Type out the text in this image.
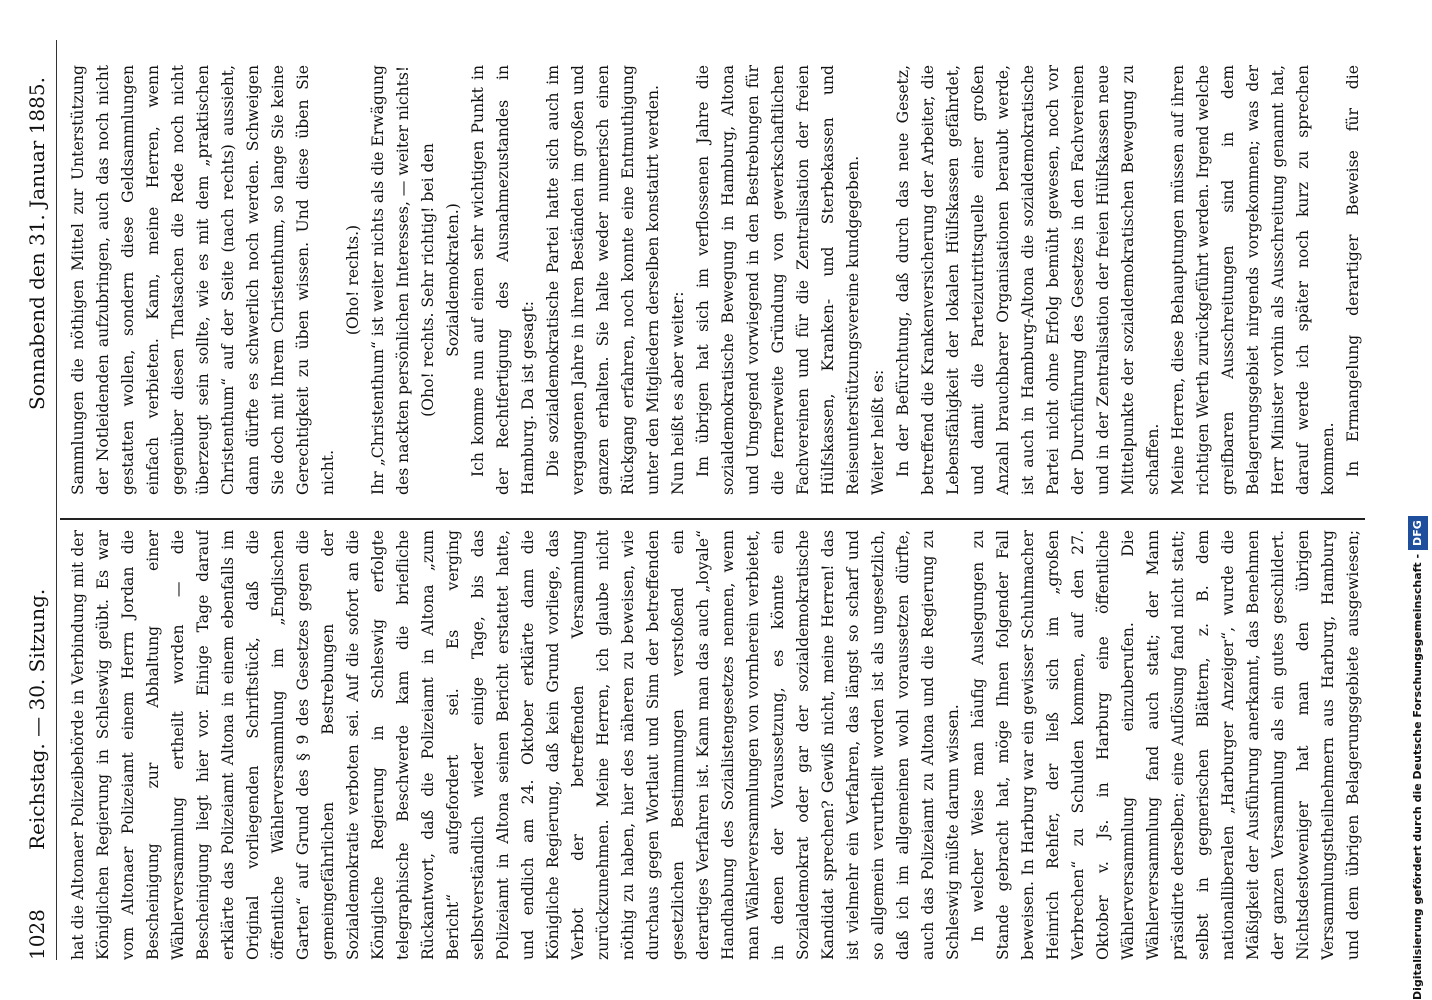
1028
Reichstag. — 30. Sitzung.
Sonnabend den 31. Januar 1885.

hat die Altonaer Polizeibehörde in Verbindung mit der Königlichen Regierung in Schleswig geübt. Es war vom Altonaer Polizeiamt einem Herrn Jordan die Bescheinigung zur Abhaltung einer Wählerversammlung ertheilt worden — die Bescheinigung liegt hier vor. Einige Tage darauf erklärte das Polizeiamt Altona in einem ebenfalls im Original vorliegenden Schriftstück, daß die öffentliche Wählerversammlung im „Englischen Garten“ auf Grund des § 9 des Gesetzes gegen die gemeingefährlichen Bestrebungen der Sozialdemokratie verboten sei. Auf die sofort an die Königliche Regierung in Schleswig erfolgte telegraphische Beschwerde kam die briefliche Rückantwort, daß die Polizeiamt in Altona „zum Bericht“ aufgefordert sei. Es verging selbstverständlich wieder einige Tage, bis das Polizeiamt in Altona seinen Bericht erstattet hatte, und endlich am 24. Oktober erklärte dann die Königliche Regierung, daß kein Grund vorliege, das Verbot der betreffenden Versammlung zurückzunehmen. Meine Herren, ich glaube nicht nöthig zu haben, hier des näheren zu beweisen, wie durchaus gegen Wortlaut und Sinn der betreffenden gesetzlichen Bestimmungen verstoßend ein derartiges Verfahren ist. Kann man das auch „loyale“ Handhabung des Sozialistengesetzes nennen, wenn man Wählerversammlungen von vornherein verbietet, in denen der Voraussetzung, es könnte ein Sozialdemokrat oder gar der sozialdemokratische Kandidat sprechen? Gewiß nicht, meine Herren! das ist vielmehr ein Verfahren, das längst so scharf und so allgemein verurtheilt worden ist als ungesetzlich, daß ich im allgemeinen wohl voraussetzen dürfte, auch das Polizeiamt zu Altona und die Regierung zu Schleswig müßte darum wissen. In welcher Weise man häufig Auslegungen zu Stande gebracht hat, möge Ihnen folgender Fall beweisen. In Harburg war ein gewisser Schuhmacher Heinrich Rehfer, der ließ sich im „großen Verbrechen“ zu Schulden kommen, auf den 27. Oktober v. Js. in Harburg eine öffentliche Wählerversammlung einzuberufen. Die Wählerversammlung fand auch statt; der Mann präsidirte derselben; eine Auflösung fand nicht statt; selbst in gegnerischen Blättern, z. B. dem nationalliberalen „Harburger Anzeiger“, wurde die Mäßigkeit der Ausführung anerkannt, das Benehmen der ganzen Versammlung als ein gutes geschildert. Nichtsdestoweniger hat man den übrigen Versammlungstheilnehmern aus Harburg, Hamburg und dem übrigen Belagerungsgebiete ausgewiesen;

Sammlungen die nöthigen Mittel zur Unterstützung der Notleidenden aufzubringen, auch das noch nicht gestatten wollen, sondern diese Geldsammlungen einfach verbieten. Kann, meine Herren, wenn gegenüber diesen Thatsachen die Rede noch nicht überzeugt sein sollte, wie es mit dem „praktischen Christenthum“ auf der Seite (nach rechts) aussieht, dann dürfte es schwerlich noch werden. Schweigen Sie doch mit Ihrem Christenthum, so lange Sie keine Gerechtigkeit zu üben wissen. Und diese üben Sie nicht.

(Oho! rechts.) Ihr „Christenthum“ ist weiter nichts als die Erwägung des nackten persönlichen Interesses, — weiter nichts! (Oho! rechts. Sehr richtig! bei den Sozialdemokraten.) Ich komme nun auf einen sehr wichtigen Punkt in der Rechtfertigung des Ausnahmezustandes in Hamburg. Da ist gesagt: Die sozialdemokratische Partei hatte sich auch im vergangenen Jahre in ihren Beständen im großen und ganzen erhalten. Sie halte weder numerisch einen Rückgang erfahren, noch konnte eine Entmuthigung unter den Mitgliedern derselben konstatirt werden. Nun heißt es aber weiter: Im übrigen hat sich im verflossenen Jahre die sozialdemokratische Bewegung in Hamburg, Altona und Umgegend vorwiegend in den Bestrebungen für die fernerweite Gründung von gewerkschaftlichen Fachvereinen und für die Zentralisation der freien Hülfskassen, Kranken- und Sterbekassen und Reiseunterstützungsvereine kundgegeben. Weiter heißt es: In der Befürchtung, daß durch das neue Gesetz, betreffend die Krankenversicherung der Arbeiter, die Lebensfähigkeit der lokalen Hülfskassen gefährdet, und damit die Parteizutrittsquelle einer großen Anzahl brauchbarer Organisationen beraubt werde, ist auch in Hamburg-Altona die sozialdemokratische Partei nicht ohne Erfolg bemüht gewesen, noch vor der Durchführung des Gesetzes in den Fachvereinen und in der Zentralisation der freien Hülfskassen neue Mittelpunkte der sozialdemokratischen Bewegung zu schaffen. Meine Herren, diese Behauptungen müssen auf ihren richtigen Werth zurückgeführt werden. Irgend welche greifbaren Ausschreitungen sind in dem Belagerungsgebiet nirgends vorgekommen; was der Herr Minister vorhin als Ausschreitung genannt hat, darauf werde ich später noch kurz zu sprechen kommen. In Ermangelung derartiger Beweise für die

Digitalisierung gefördert durch die Deutsche Forschungsgemeinschaft -DFG
